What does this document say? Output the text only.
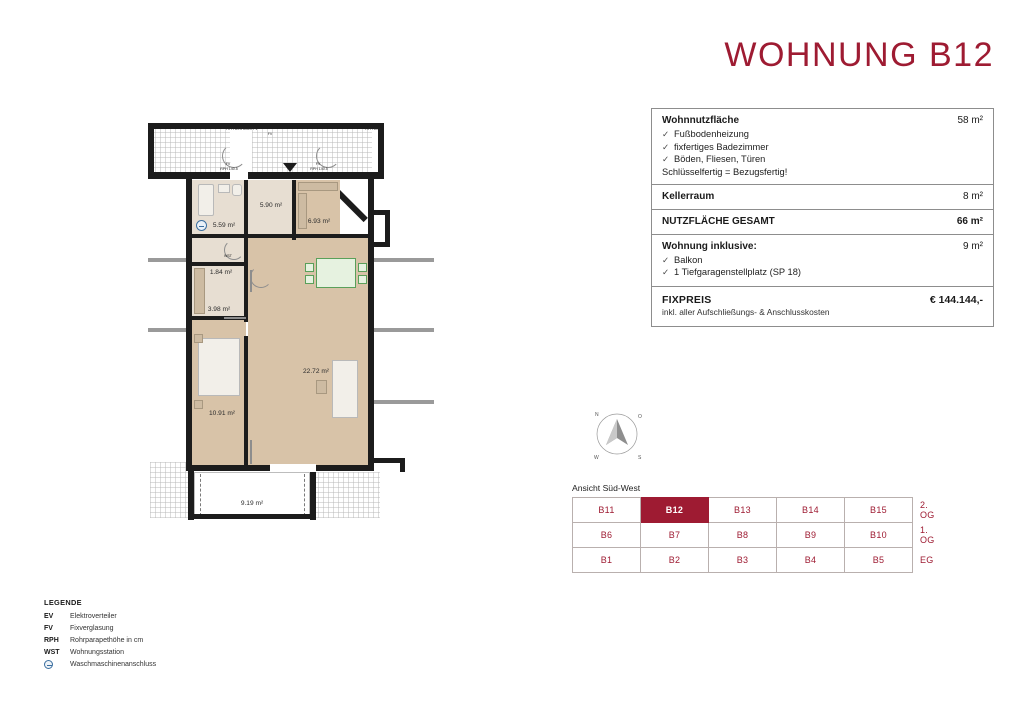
WOHNUNG B12
Wohnnutzfläche	58 m²
✓ Fußbodenheizung
✓ fixfertiges Badezimmer
✓ Böden, Fliesen, Türen
Schlüsselfertig = Bezugsfertig!
Kellerraum	8 m²
NUTZFLÄCHE GESAMT	66 m²
Wohnung inklusive:	9 m²
✓ Balkon
✓ 1 Tiefgaragenstellplatz (SP 18)
FIXPREIS	€ 144.144,-
inkl. aller Aufschließungs- & Anschlusskosten
N	O
S
W
Ansicht Süd-West
B11	B12	B13	B14	B15	2. OG
B6	B7	B8	B9	B10	1. OG
B1	B2	B3	B4	B5	EG
LEGENDE
EV	Elektroverteiler
FV	Fixverglasung
RPH	Rohrparapethöhe in cm
WST	Wohnungsstation
Waschmaschinenanschluss
5.59 m²
5.90 m²
6.93 m²
1.84 m²
3.98 m²
22.72 m²
10.91 m²
9.19 m²
RPH 89.5 unten FV
FV
RPH 89.5
FV
RPH 140.5
FV
RPH 140.5
WST
EV
